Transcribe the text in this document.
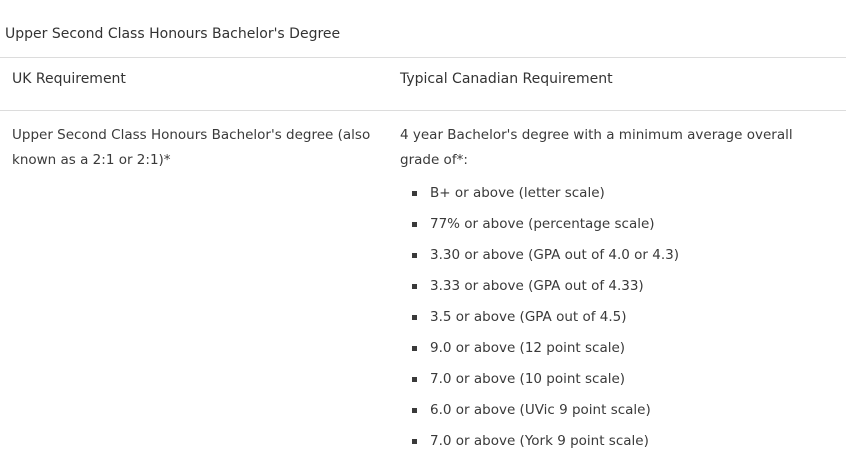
Upper Second Class Honours Bachelor's Degree
UK Requirement	Typical Canadian Requirement
Upper Second Class Honours Bachelor's degree (also known as a 2:1 or 2:1)*
4 year Bachelor's degree with a minimum average overall grade of*:
B+ or above (letter scale)
77% or above (percentage scale)
3.30 or above (GPA out of 4.0 or 4.3)
3.33 or above (GPA out of 4.33)
3.5 or above (GPA out of 4.5)
9.0 or above (12 point scale)
7.0 or above (10 point scale)
6.0 or above (UVic 9 point scale)
7.0 or above (York 9 point scale)
